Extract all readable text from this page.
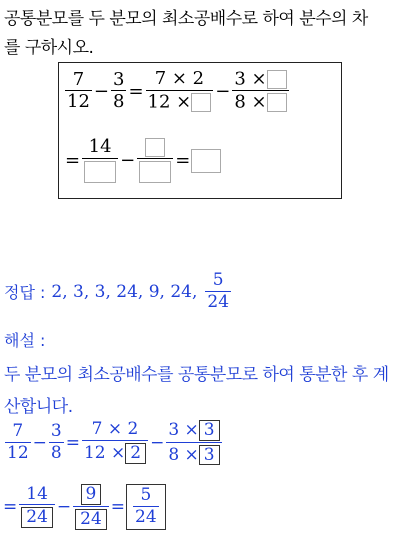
공통분모를 두 분모의 최소공배수로 하여 분수의 차
를 구하시오.
$\frac{7}{12} - \frac{3}{8} = \frac{7 \times 2}{12 \times} - \frac{3 \times}{8 \times}$
=
14
− =
정답 : 2, 3, 3, 24, 9, 24, $\frac{5}{24}$
해설 :
두 분모의 최소공배수를 공통분모로 하여 통분한 후 계
산합니다.
$\frac{7}{12} - \frac{3}{8} = \frac{7 \times 2}{12 \times 2} - \frac{3 \times 3}{8 \times 3}$
= $\frac{14}{24} - \frac{9}{24} = \frac{5}{24}$
